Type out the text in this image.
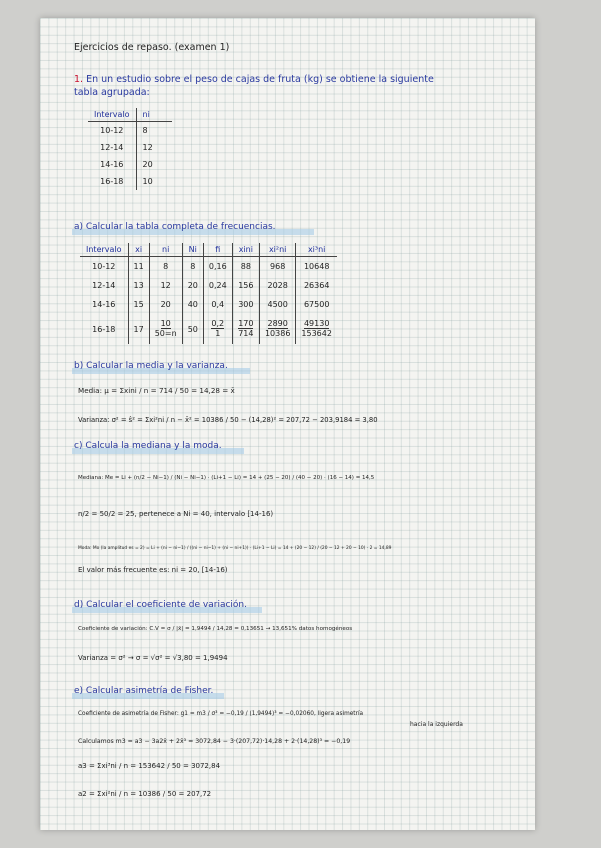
Ejercicios de repaso. (examen 1)
1. En un estudio sobre el peso de cajas de fruta (kg) se obtiene la siguiente
tabla agrupada:
Intervalo	ni
10-12	8
12-14	12
14-16	20
16-18	10
a) Calcular la tabla completa de frecuencias.
Intervalo	xi	ni	Ni	fi	xini	xi²ni	xi³ni
10-12	11	8	8	0,16	88	968	10648
12-14	13	12	20	0,24	156	2028	26364
14-16	15	20	40	0,4	300	4500	67500
16-18	17	$\frac{10}{50=n}$	50	$\frac{0,2}{1}$	$\frac{170}{714}$	$\frac{2890}{10386}$	$\frac{49130}{153642}$
b) Calcular la media y la varianza.
Media: μ = Σxini / n = 714 / 50 = 14,28 = x̄
Varianza: σ² = ŝ² = Σxi²ni / n − x̄² = 10386 / 50 − (14,28)² = 207,72 − 203,9184 = 3,80
c) Calcula la mediana y la moda.
Mediana: Me = Li + (n/2 − Ni−1) / (Ni − Ni−1) · (Li+1 − Li) = 14 + (25 − 20) / (40 − 20) · (16 − 14) = 14,5
n/2 = 50/2 = 25, pertenece a Ni = 40, intervalo [14-16)
Moda: Mo (la amplitud es = 2) = Li + (ni − ni−1) / ((ni − ni−1) + (ni − ni+1)) · (Li+1 − Li) = 14 + (20 − 12) / (20 − 12 + 20 − 10) · 2 = 14,89
El valor más frecuente es: ni = 20, [14-16)
d) Calcular el coeficiente de variación.
Coeficiente de variación: C.V = σ / |x̄| = 1,9494 / 14,28 = 0,13651 → 13,651% datos homogéneos
Varianza = σ² → σ = √σ² = √3,80 = 1,9494
e) Calcular asimetría de Fisher.
Coeficiente de asimetría de Fisher: g1 = m3 / σ³ = −0,19 / (1,9494)³ = −0,02060, ligera asimetría
hacia la izquierda
Calculamos m3 = a3 − 3a2x̄ + 2x̄³ = 3072,84 − 3·(207,72)·14,28 + 2·(14,28)³ = −0,19
a3 = Σxi³ni / n = 153642 / 50 = 3072,84
a2 = Σxi²ni / n = 10386 / 50 = 207,72
